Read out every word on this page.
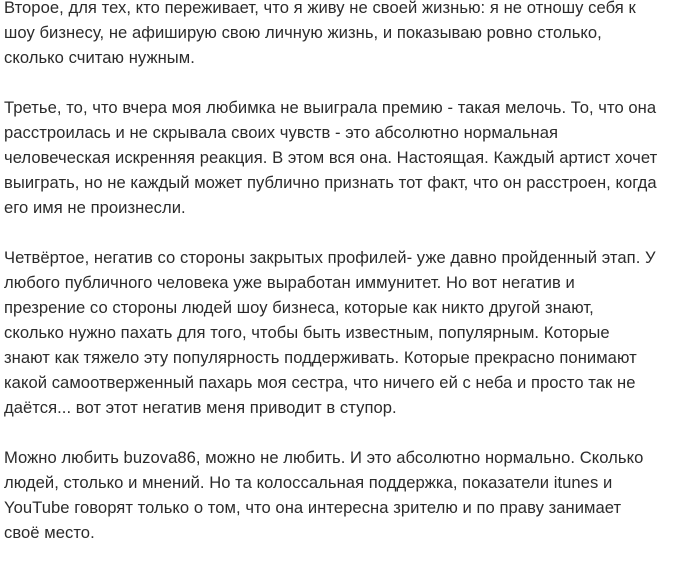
Второе, для тех, кто переживает, что я живу не своей жизнью: я не отношу себя к
шоу бизнесу, не афиширую свою личную жизнь, и показываю ровно столько,
сколько считаю нужным.

Третье, то, что вчера моя любимка не выиграла премию - такая мелочь. То, что она
расстроилась и не скрывала своих чувств - это абсолютно нормальная
человеческая искренняя реакция. В этом вся она. Настоящая. Каждый артист хочет
выиграть, но не каждый может публично признать тот факт, что он расстроен, когда
его имя не произнесли.

Четвёртое, негатив со стороны закрытых профилей- уже давно пройденный этап. У
любого публичного человека уже выработан иммунитет. Но вот негатив и
презрение со стороны людей шоу бизнеса, которые как никто другой знают,
сколько нужно пахать для того, чтобы быть известным, популярным. Которые
знают как тяжело эту популярность поддерживать. Которые прекрасно понимают
какой самоотверженный пахарь моя сестра, что ничего ей с неба и просто так не
даётся... вот этот негатив меня приводит в ступор.

Можно любить buzova86, можно не любить. И это абсолютно нормально. Сколько
людей, столько и мнений. Но та колоссальная поддержка, показатели itunes и
YouTube говорят только о том, что она интересна зрителю и по праву занимает
своё место.
